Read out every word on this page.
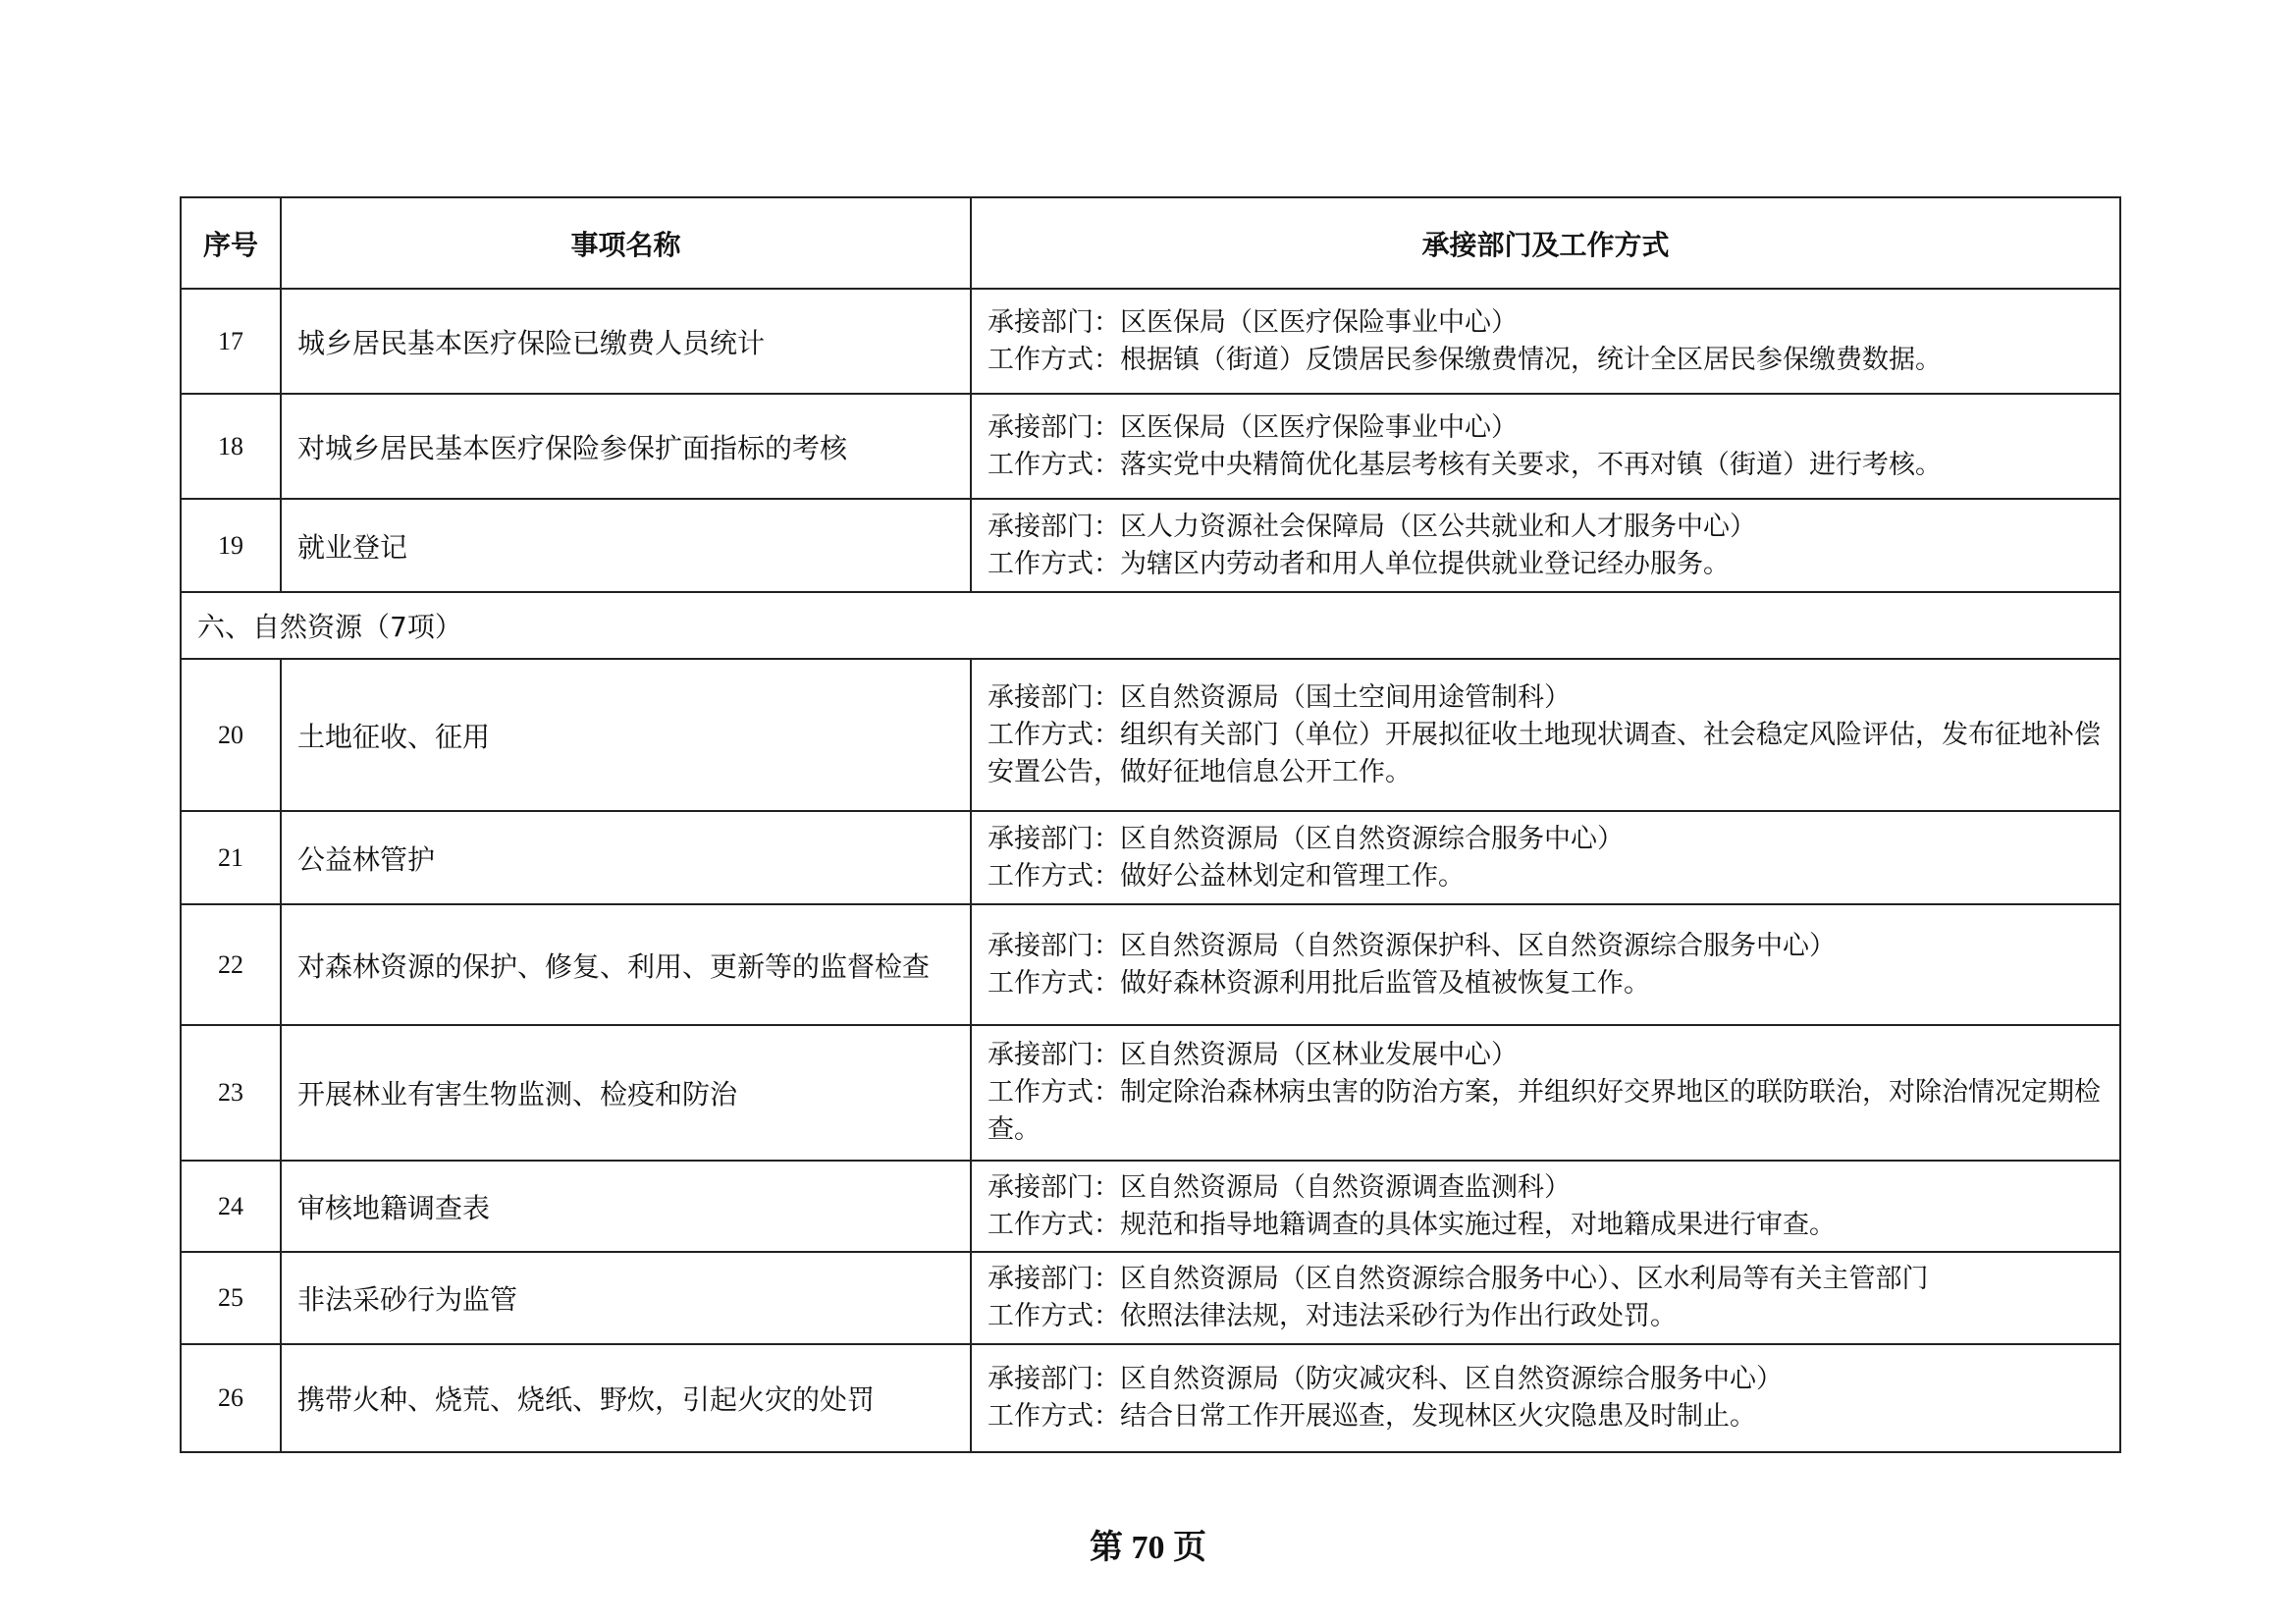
序号	事项名称	承接部门及工作方式
17	城乡居民基本医疗保险已缴费人员统计	承接部门：区医保局（区医疗保险事业中心）
工作方式：根据镇（街道）反馈居民参保缴费情况，统计全区居民参保缴费数据。

18	对城乡居民基本医疗保险参保扩面指标的考核	承接部门：区医保局（区医疗保险事业中心）
工作方式：落实党中央精简优化基层考核有关要求，不再对镇（街道）进行考核。

19	就业登记	承接部门：区人力资源社会保障局（区公共就业和人才服务中心）
工作方式：为辖区内劳动者和用人单位提供就业登记经办服务。

六、自然资源（7项）		
20	土地征收、征用	承接部门：区自然资源局（国土空间用途管制科）
工作方式：组织有关部门（单位）开展拟征收土地现状调查、社会稳定风险评估，发布征地补偿安置公告，做好征地信息公开工作。

21	公益林管护	承接部门：区自然资源局（区自然资源综合服务中心）
工作方式：做好公益林划定和管理工作。

22	对森林资源的保护、修复、利用、更新等的监督检查	承接部门：区自然资源局（自然资源保护科、区自然资源综合服务中心）
工作方式：做好森林资源利用批后监管及植被恢复工作。

23	开展林业有害生物监测、检疫和防治	承接部门：区自然资源局（区林业发展中心）
工作方式：制定除治森林病虫害的防治方案，并组织好交界地区的联防联治，对除治情况定期检查。

24	审核地籍调查表	承接部门：区自然资源局（自然资源调查监测科）
工作方式：规范和指导地籍调查的具体实施过程，对地籍成果进行审查。

25	非法采砂行为监管	承接部门：区自然资源局（区自然资源综合服务中心）、区水利局等有关主管部门
工作方式：依照法律法规，对违法采砂行为作出行政处罚。

26	携带火种、烧荒、烧纸、野炊，引起火灾的处罚	承接部门：区自然资源局（防灾减灾科、区自然资源综合服务中心）
工作方式：结合日常工作开展巡查，发现林区火灾隐患及时制止。
第 70 页
